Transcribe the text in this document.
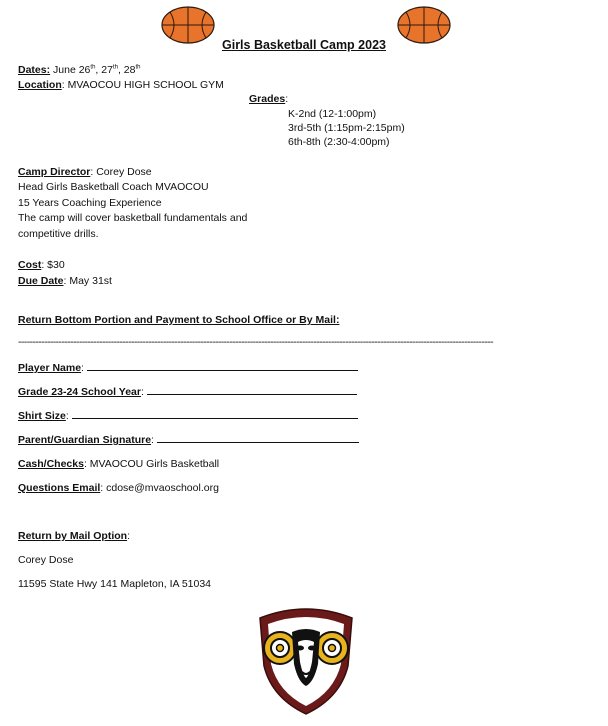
Girls Basketball Camp 2023
Dates: June 26th, 27th, 28th
Location: MVAOCOU HIGH SCHOOL GYM
Grades:
K-2nd (12-1:00pm)
3rd-5th (1:15pm-2:15pm)
6th-8th (2:30-4:00pm)
Camp Director: Corey Dose
Head Girls Basketball Coach MVAOCOU
15 Years Coaching Experience
The camp will cover basketball fundamentals and
competitive drills.
Cost: $30
Due Date: May 31st
Return Bottom Portion and Payment to School Office or By Mail:
--------------------------------------------------------------------------------------------------------------------------------------------------------------------
Player Name:
Grade 23-24 School Year:
Shirt Size:
Parent/Guardian Signature:
Cash/Checks: MVAOCOU Girls Basketball
Questions Email: cdose@mvaoschool.org
Return by Mail Option:
Corey Dose
11595 State Hwy 141 Mapleton, IA 51034
